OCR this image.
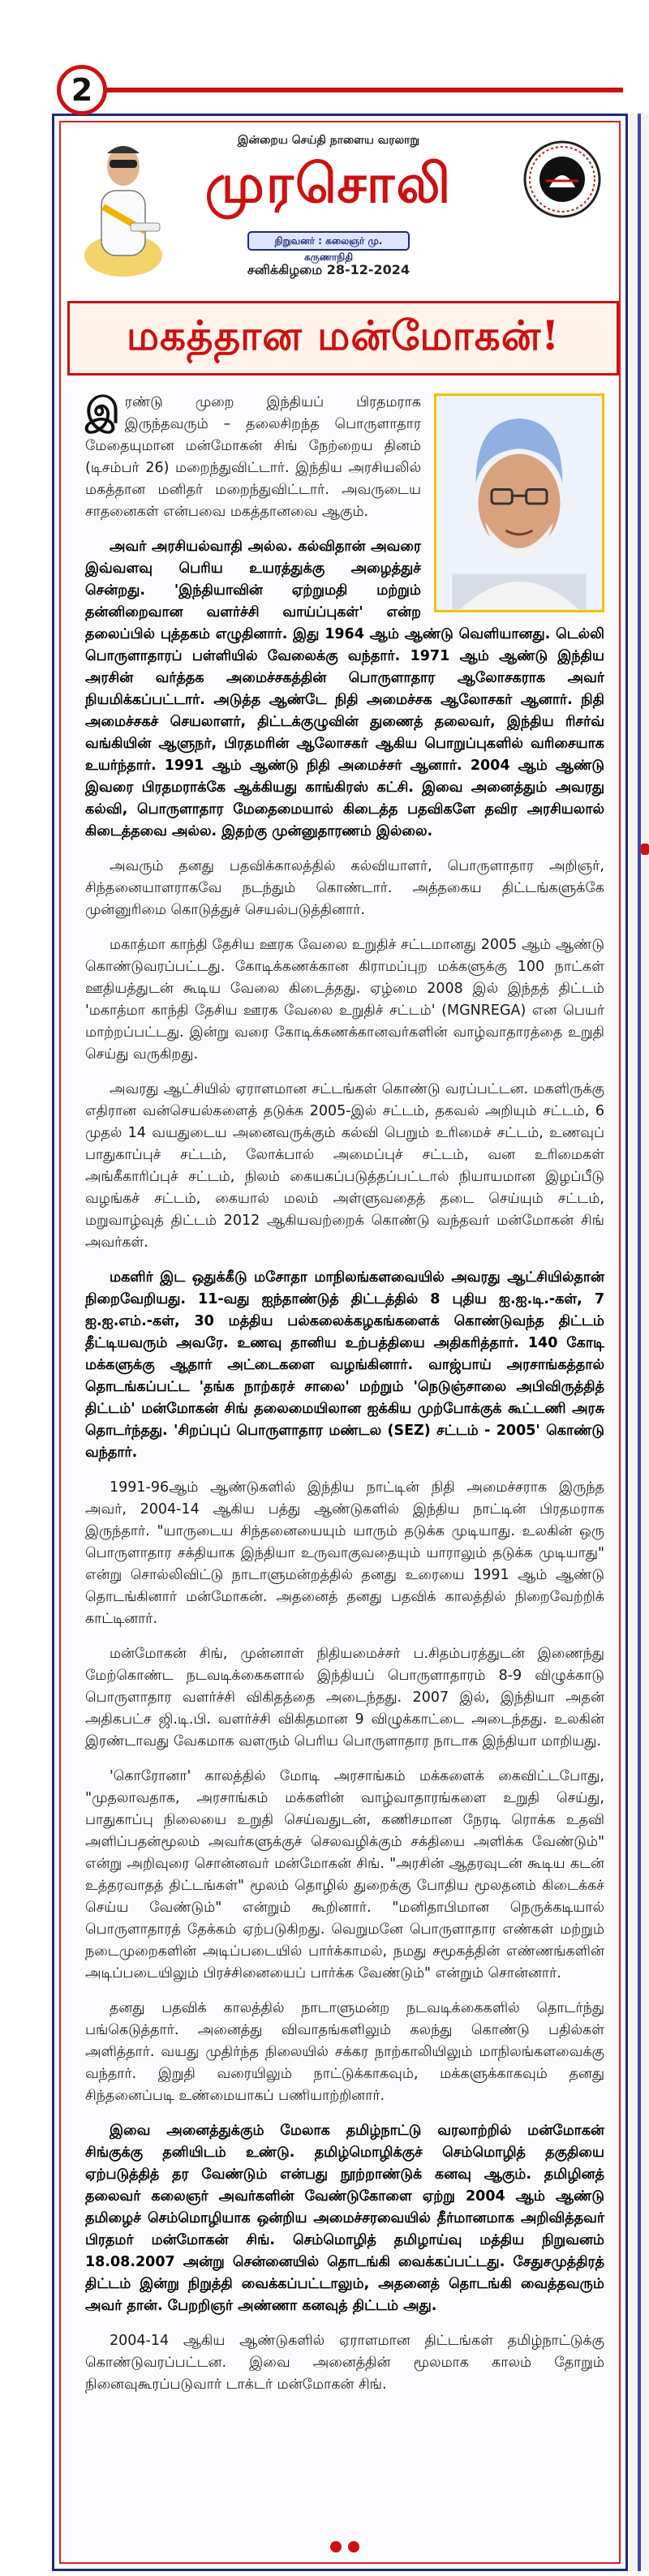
2
இன்றைய செய்தி நாளைய வரலாறு
முரசொலி
நிறுவனர் : கலைஞர் மு. கருணாநிதி
சனிக்கிழமை 28-12-2024
மகத்தான மன்மோகன்!

இரண்டு முறை இந்தியப் பிரதமராக இருந்தவரும் – தலைசிறந்த பொருளாதார மேதையுமான மன்மோகன் சிங் நேற்றைய தினம் (டிசம்பர் 26) மறைந்துவிட்டார். இந்திய அரசியலில் மகத்தான மனிதர் மறைந்துவிட்டார். அவருடைய சாதனைகள் என்பவை மகத்தானவை ஆகும்.

அவர் அரசியல்வாதி அல்ல. கல்விதான் அவரை இவ்வளவு பெரிய உயரத்துக்கு அழைத்துச் சென்றது. 'இந்தியாவின் ஏற்றுமதி மற்றும் தன்னிறைவான வளர்ச்சி வாய்ப்புகள்' என்ற தலைப்பில் புத்தகம் எழுதினார். இது 1964 ஆம் ஆண்டு வெளியானது. டெல்லி பொருளாதாரப் பள்ளியில் வேலைக்கு வந்தார். 1971 ஆம் ஆண்டு இந்திய அரசின் வர்த்தக அமைச்சகத்தின் பொருளாதார ஆலோசகராக அவர் நியமிக்கப்பட்டார். அடுத்த ஆண்டே நிதி அமைச்சக ஆலோசகர் ஆனார். நிதி அமைச்சகச் செயலாளர், திட்டக்குழுவின் துணைத் தலைவர், இந்திய ரிசர்வ் வங்கியின் ஆளுநர், பிரதமரின் ஆலோசகர் ஆகிய பொறுப்புகளில் வரிசையாக உயர்ந்தார். 1991 ஆம் ஆண்டு நிதி அமைச்சர் ஆனார். 2004 ஆம் ஆண்டு இவரை பிரதமராக்கே ஆக்கியது காங்கிரஸ் கட்சி. இவை அனைத்தும் அவரது கல்வி, பொருளாதார மேதைமையால் கிடைத்த பதவிகளே தவிர அரசியலால் கிடைத்தவை அல்ல. இதற்கு முன்னுதாரணம் இல்லை.

அவரும் தனது பதவிக்காலத்தில் கல்வியாளர், பொருளாதார அறிஞர், சிந்தனையாளராகவே நடந்தும் கொண்டார். அத்தகைய திட்டங்களுக்கே முன்னுரிமை கொடுத்துச் செயல்படுத்தினார்.

மகாத்மா காந்தி தேசிய ஊரக வேலை உறுதிச் சட்டமானது 2005 ஆம் ஆண்டு கொண்டுவரப்பட்டது. கோடிக்கணக்கான கிராமப்புற மக்களுக்கு 100 நாட்கள் ஊதியத்துடன் கூடிய வேலை கிடைத்தது. ஏழ்மை 2008 இல் இந்தத் திட்டம் 'மகாத்மா காந்தி தேசிய ஊரக வேலை உறுதிச் சட்டம்' (MGNREGA) என பெயர் மாற்றப்பட்டது. இன்று வரை கோடிக்கணக்கானவர்களின் வாழ்வாதாரத்தை உறுதி செய்து வருகிறது.

அவரது ஆட்சியில் ஏராளமான சட்டங்கள் கொண்டு வரப்பட்டன. மகளிருக்கு எதிரான வன்செயல்களைத் தடுக்க 2005-இல் சட்டம், தகவல் அறியும் சட்டம், 6 முதல் 14 வயதுடைய அனைவருக்கும் கல்வி பெறும் உரிமைச் சட்டம், உணவுப் பாதுகாப்புச் சட்டம், லோக்பால் அமைப்புச் சட்டம், வன உரிமைகள் அங்கீகாரிப்புச் சட்டம், நிலம் கையகப்படுத்தப்பட்டால் நியாயமான இழப்பீடு வழங்கச் சட்டம், கையால் மலம் அள்ளுவதைத் தடை செய்யும் சட்டம், மறுவாழ்வுத் திட்டம் 2012 ஆகியவற்றைக் கொண்டு வந்தவர் மன்மோகன் சிங் அவர்கள்.

மகளிர் இட ஒதுக்கீடு மசோதா மாநிலங்களவையில் அவரது ஆட்சியில்தான் நிறைவேறியது. 11-வது ஐந்தாண்டுத் திட்டத்தில் 8 புதிய ஐ.ஐ.டி.-கள், 7 ஐ.ஐ.எம்.-கள், 30 மத்திய பல்கலைக்கழகங்களைக் கொண்டுவந்த திட்டம் தீட்டியவரும் அவரே. உணவு தானிய உற்பத்தியை அதிகரித்தார். 140 கோடி மக்களுக்கு ஆதார் அட்டைகளை வழங்கினார். வாஜ்பாய் அரசாங்கத்தால் தொடங்கப்பட்ட 'தங்க நாற்கரச் சாலை' மற்றும் 'நெடுஞ்சாலை அபிவிருத்தித் திட்டம்' மன்மோகன் சிங் தலைமையிலான ஐக்கிய முற்போக்குக் கூட்டணி அரசு தொடர்ந்தது. 'சிறப்புப் பொருளாதார மண்டல (SEZ) சட்டம் - 2005' கொண்டு வந்தார்.

1991-96ஆம் ஆண்டுகளில் இந்திய நாட்டின் நிதி அமைச்சராக இருந்த அவர், 2004-14 ஆகிய பத்து ஆண்டுகளில் இந்திய நாட்டின் பிரதமராக இருந்தார். "யாருடைய சிந்தனையையும் யாரும் தடுக்க முடியாது. உலகின் ஒரு பொருளாதார சக்தியாக இந்தியா உருவாகுவதையும் யாராலும் தடுக்க முடியாது" என்று சொல்லிவிட்டு நாடாளுமன்றத்தில் தனது உரையை 1991 ஆம் ஆண்டு தொடங்கினார் மன்மோகன். அதனைத் தனது பதவிக் காலத்தில் நிறைவேற்றிக் காட்டினார்.

மன்மோகன் சிங், முன்னாள் நிதியமைச்சர் ப.சிதம்பரத்துடன் இணைந்து மேற்கொண்ட நடவடிக்கைகளால் இந்தியப் பொருளாதாரம் 8-9 விழுக்காடு பொருளாதார வளர்ச்சி விகிதத்தை அடைந்தது. 2007 இல், இந்தியா அதன் அதிகபட்ச ஜி.டி.பி. வளர்ச்சி விகிதமான 9 விழுக்காட்டை அடைந்தது. உலகின் இரண்டாவது வேகமாக வளரும் பெரிய பொருளாதார நாடாக இந்தியா மாறியது.

'கொரோனா' காலத்தில் மோடி அரசாங்கம் மக்களைக் கைவிட்டபோது, "முதலாவதாக, அரசாங்கம் மக்களின் வாழ்வாதாரங்களை உறுதி செய்து, பாதுகாப்பு நிலையை உறுதி செய்வதுடன், கணிசமான நேரடி ரொக்க உதவி அளிப்பதன்மூலம் அவர்களுக்குச் செலவழிக்கும் சக்தியை அளிக்க வேண்டும்" என்று அறிவுரை சொன்னவர் மன்மோகன் சிங். "அரசின் ஆதரவுடன் கூடிய கடன் உத்தரவாதத் திட்டங்கள்" மூலம் தொழில் துறைக்கு போதிய மூலதனம் கிடைக்கச் செய்ய வேண்டும்" என்றும் கூறினார். "மனிதாபிமான நெருக்கடியால் பொருளாதாரத் தேக்கம் ஏற்படுகிறது. வெறுமனே பொருளாதார எண்கள் மற்றும் நடைமுறைகளின் அடிப்படையில் பார்க்காமல், நமது சமூகத்தின் எண்ணங்களின் அடிப்படையிலும் பிரச்சினையைப் பார்க்க வேண்டும்" என்றும் சொன்னார்.

தனது பதவிக் காலத்தில் நாடாளுமன்ற நடவடிக்கைகளில் தொடர்ந்து பங்கெடுத்தார். அனைத்து விவாதங்களிலும் கலந்து கொண்டு பதில்கள் அளித்தார். வயது முதிர்ந்த நிலையில் சக்கர நாற்காலியிலும் மாநிலங்களவைக்கு வந்தார். இறுதி வரையிலும் நாட்டுக்காகவும், மக்களுக்காகவும் தனது சிந்தனைப்படி உண்மையாகப் பணியாற்றினார்.

இவை அனைத்துக்கும் மேலாக தமிழ்நாட்டு வரலாற்றில் மன்மோகன் சிங்குக்கு தனியிடம் உண்டு. தமிழ்மொழிக்குச் செம்மொழித் தகுதியை ஏற்படுத்தித் தர வேண்டும் என்பது நூற்றாண்டுக் கனவு ஆகும். தமிழினத் தலைவர் கலைஞர் அவர்களின் வேண்டுகோளை ஏற்று 2004 ஆம் ஆண்டு தமிழைச் செம்மொழியாக ஒன்றிய அமைச்சரவையில் தீர்மானமாக அறிவித்தவர் பிரதமர் மன்மோகன் சிங். செம்மொழித் தமிழாய்வு மத்திய நிறுவனம் 18.08.2007 அன்று சென்னையில் தொடங்கி வைக்கப்பட்டது. சேதுசமுத்திரத் திட்டம் இன்று நிறுத்தி வைக்கப்பட்டாலும், அதனைத் தொடங்கி வைத்தவரும் அவர் தான். பேறறிஞர் அண்ணா கனவுத் திட்டம் அது.

2004-14 ஆகிய ஆண்டுகளில் ஏராளமான திட்டங்கள் தமிழ்நாட்டுக்கு கொண்டுவரப்பட்டன. இவை அனைத்தின் மூலமாக காலம் தோறும் நினைவுகூரப்படுவார் டாக்டர் மன்மோகன் சிங்.
